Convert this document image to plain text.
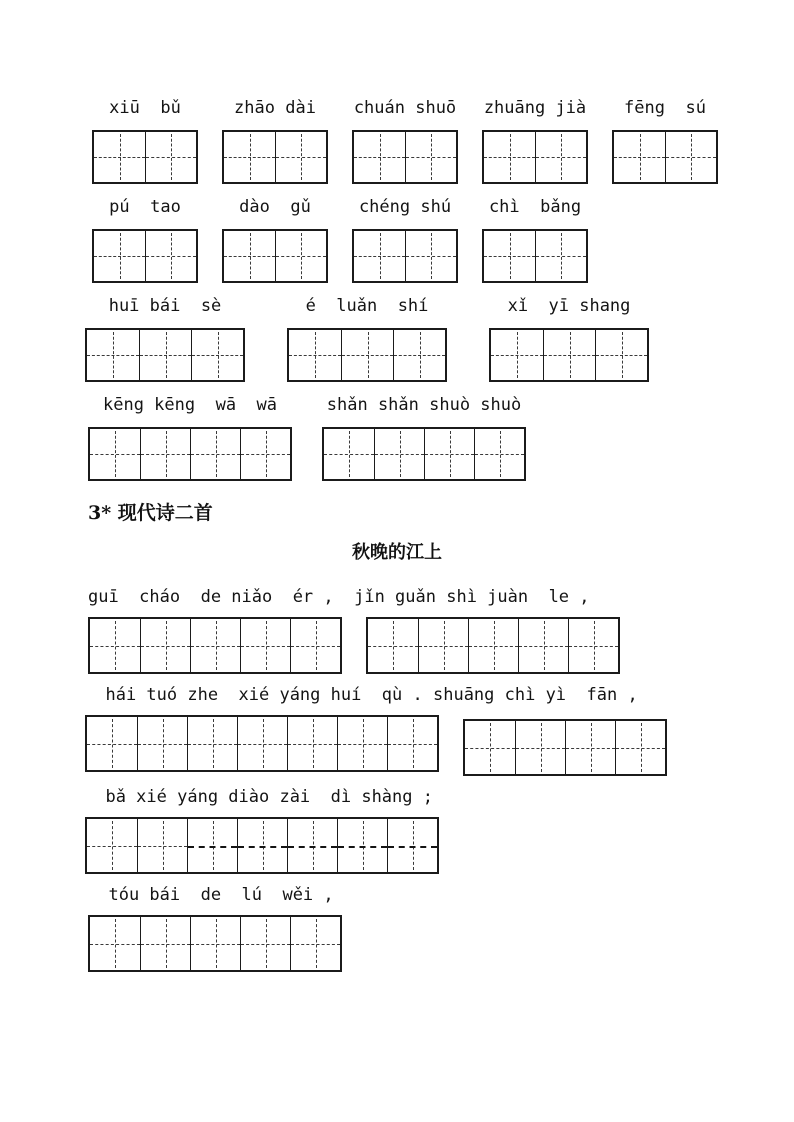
xiū  bǔ	zhāo dài chuán shuō zhuāng jià fēng  sú
pú  tao	dào  gǔ	chéng shú chì  bǎng
huī bái  sè	é  luǎn  shí	xǐ  yī shang
kēng kēng  wā  wā	shǎn shǎn shuò shuò
3* 现代诗二首
秋晚的江上
guī  cháo  de niǎo  ér ,  jǐn guǎn shì juàn  le ,
hái tuó zhe  xié yáng huí  qù . shuāng chì yì  fān ,
bǎ xié yáng diào zài  dì shàng ;
tóu bái  de  lú  wěi ,
